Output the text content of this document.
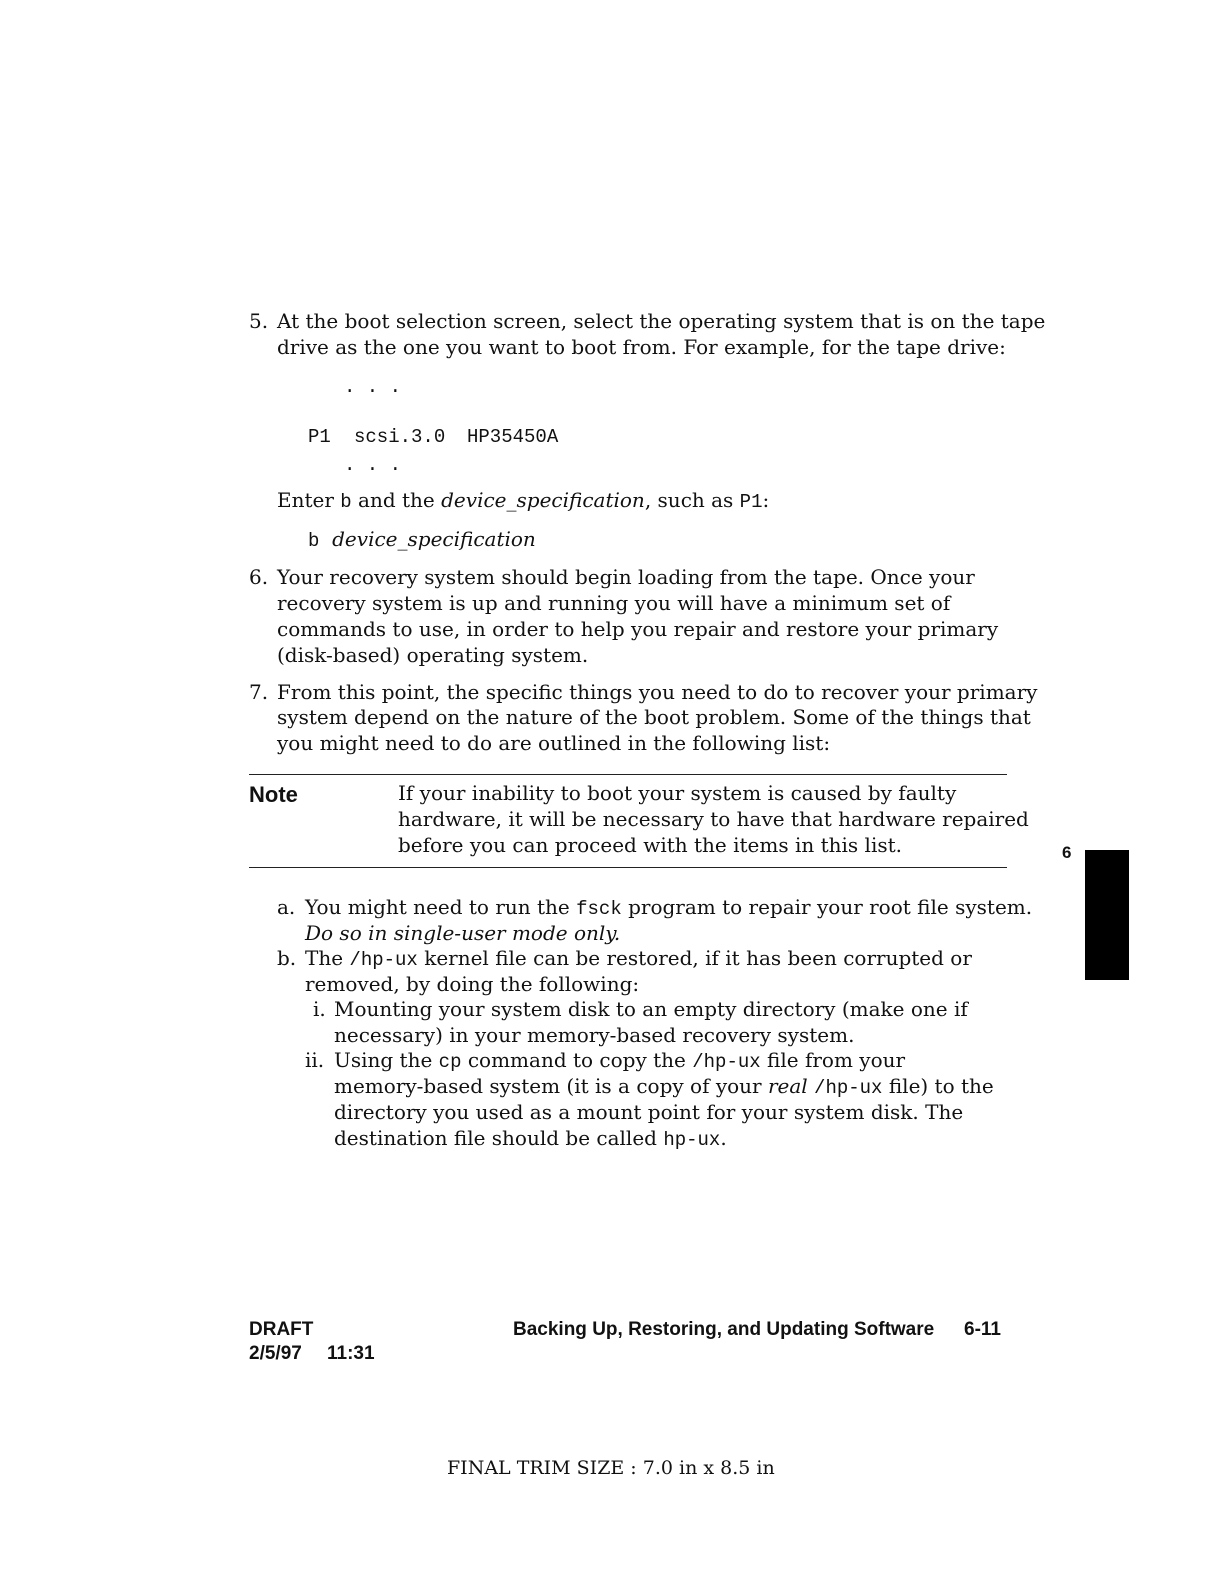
5. At the boot selection screen, select the operating system that is on the tape
drive as the one you want to boot from. For example, for the tape drive:
. . .
P1 scsi.3.0 HP35450A
. . .
Enter b and the device_specification, such as P1:
b device_specification
6. Your recovery system should begin loading from the tape. Once your
recovery system is up and running you will have a minimum set of
commands to use, in order to help you repair and restore your primary
(disk-based) operating system.
7. From this point, the specific things you need to do to recover your primary
system depend on the nature of the boot problem. Some of the things that
you might need to do are outlined in the following list:
Note	If your inability to boot your system is caused by faulty
hardware, it will be necessary to have that hardware repaired
before you can proceed with the items in this list.	6
a. You might need to run the fsck program to repair your root file system.
Do so in single-user mode only.
b. The /hp-ux kernel file can be restored, if it has been corrupted or
removed, by doing the following:
i. Mounting your system disk to an empty directory (make one if
necessary) in your memory-based recovery system.
ii. Using the cp command to copy the /hp-ux file from your
memory-based system (it is a copy of your real /hp-ux file) to the
directory you used as a mount point for your system disk. The
destination file should be called hp-ux.
DRAFT	Backing Up, Restoring, and Updating Software 6-11
2/5/97 11:31
FINAL TRIM SIZE : 7.0 in x 8.5 in
